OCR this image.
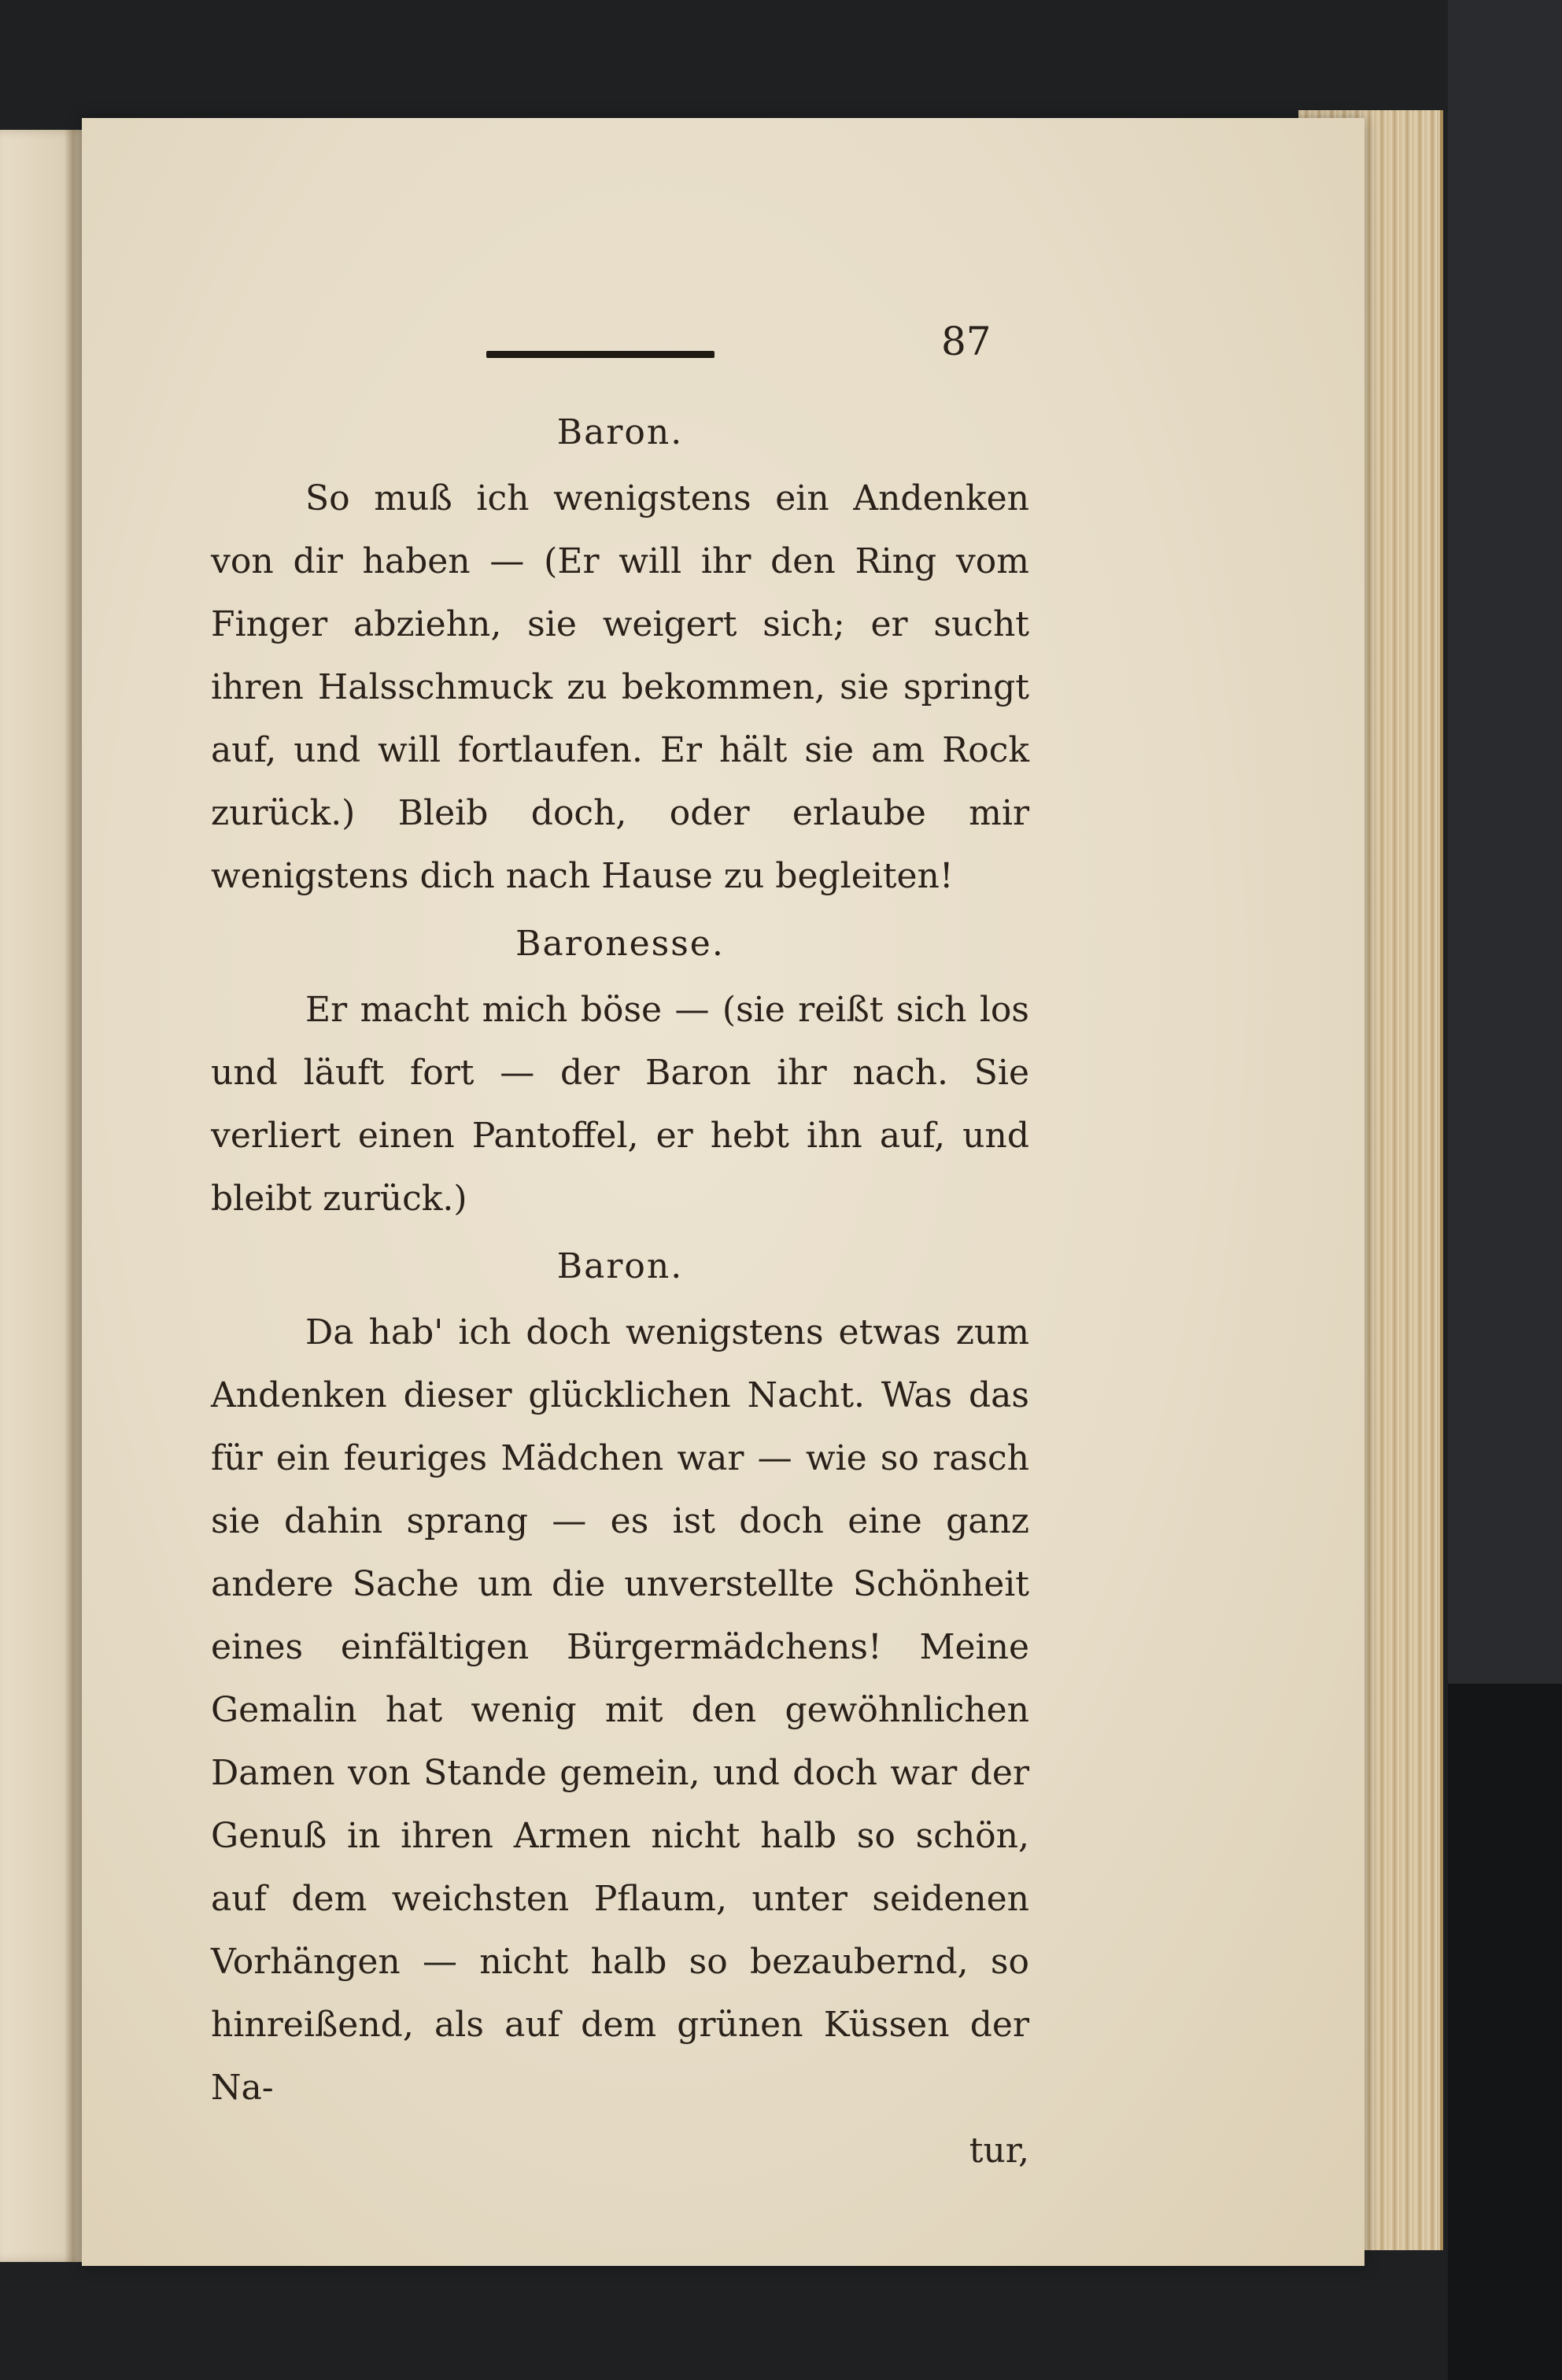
87
Baron.

So muß ich wenigstens ein Andenken von dir haben — (Er will ihr den Ring vom Finger abziehn, sie weigert sich; er sucht ihren Halsschmuck zu bekommen, sie springt auf, und will fortlaufen. Er hält sie am Rock zurück.) Bleib doch, oder erlaube mir wenigstens dich nach Hause zu begleiten!

Baronesse.

Er macht mich böse — (sie reißt sich los und läuft fort — der Baron ihr nach. Sie verliert einen Pantoffel, er hebt ihn auf, und bleibt zurück.)

Baron.

Da hab' ich doch wenigstens etwas zum Andenken dieser glücklichen Nacht. Was das für ein feuriges Mädchen war — wie so rasch sie dahin sprang — es ist doch eine ganz andere Sache um die unverstellte Schönheit eines einfältigen Bürgermädchens! Meine Gemalin hat wenig mit den gewöhnlichen Damen von Stande gemein, und doch war der Genuß in ihren Armen nicht halb so schön, auf dem weichsten Pflaum, unter seidenen Vorhängen — nicht halb so bezaubernd, so hinreißend, als auf dem grünen Küssen der Na-

tur,
